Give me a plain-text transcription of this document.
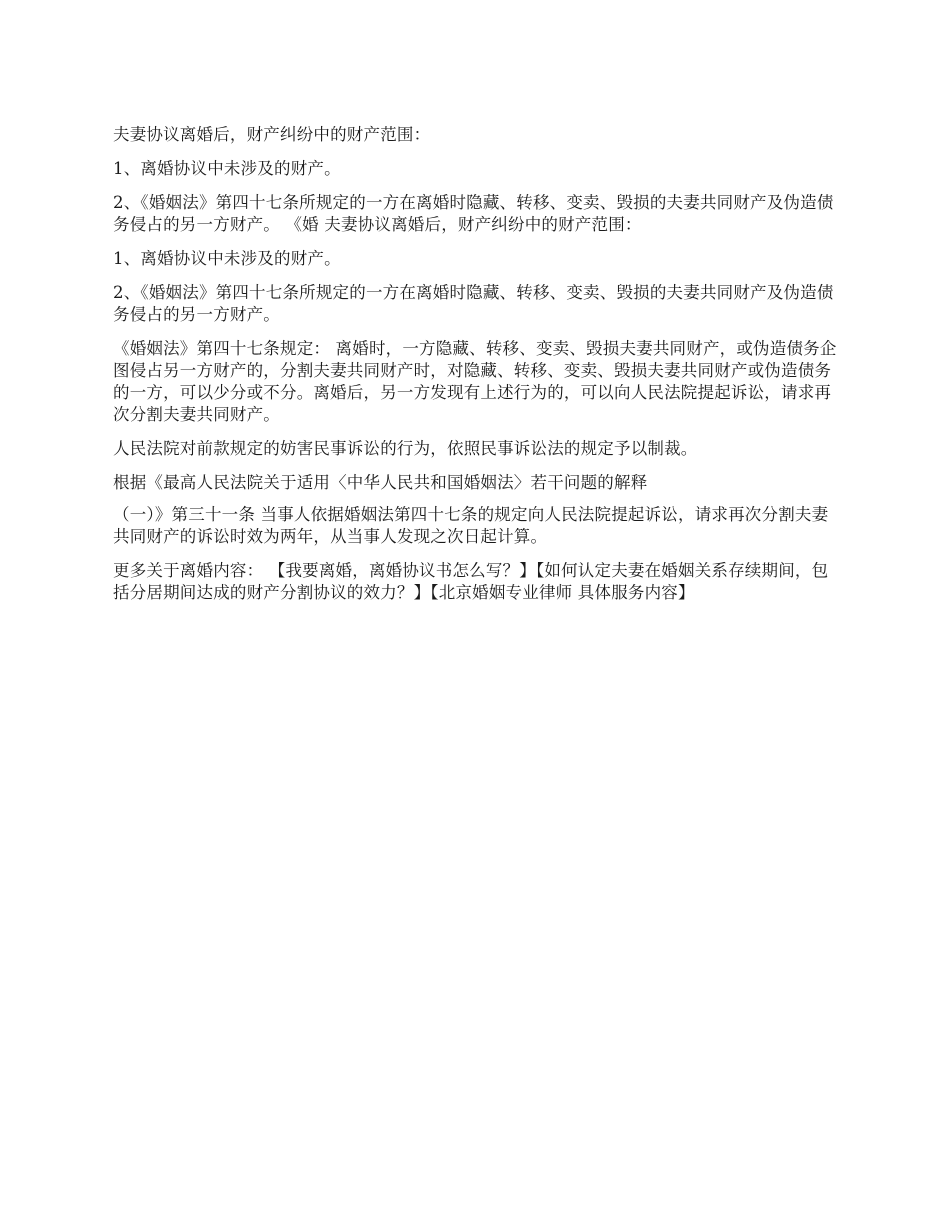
夫妻协议离婚后，财产纠纷中的财产范围：

1、离婚协议中未涉及的财产。

2、《婚姻法》第四十七条所规定的一方在离婚时隐藏、转移、变卖、毁损的夫妻共同财产及伪造债务侵占的另一方财产。 《婚 夫妻协议离婚后，财产纠纷中的财产范围：

1、离婚协议中未涉及的财产。

2、《婚姻法》第四十七条所规定的一方在离婚时隐藏、转移、变卖、毁损的夫妻共同财产及伪造债务侵占的另一方财产。

《婚姻法》第四十七条规定： 离婚时，一方隐藏、转移、变卖、毁损夫妻共同财产，或伪造债务企图侵占另一方财产的，分割夫妻共同财产时，对隐藏、转移、变卖、毁损夫妻共同财产或伪造债务的一方，可以少分或不分。离婚后，另一方发现有上述行为的，可以向人民法院提起诉讼，请求再次分割夫妻共同财产。

人民法院对前款规定的妨害民事诉讼的行为，依照民事诉讼法的规定予以制裁。

根据《最高人民法院关于适用〈中华人民共和国婚姻法〉若干问题的解释

（一）》第三十一条 当事人依据婚姻法第四十七条的规定向人民法院提起诉讼，请求再次分割夫妻共同财产的诉讼时效为两年，从当事人发现之次日起计算。

更多关于离婚内容： 【我要离婚，离婚协议书怎么写？】【如何认定夫妻在婚姻关系存续期间，包括分居期间达成的财产分割协议的效力？】【北京婚姻专业律师 具体服务内容】
